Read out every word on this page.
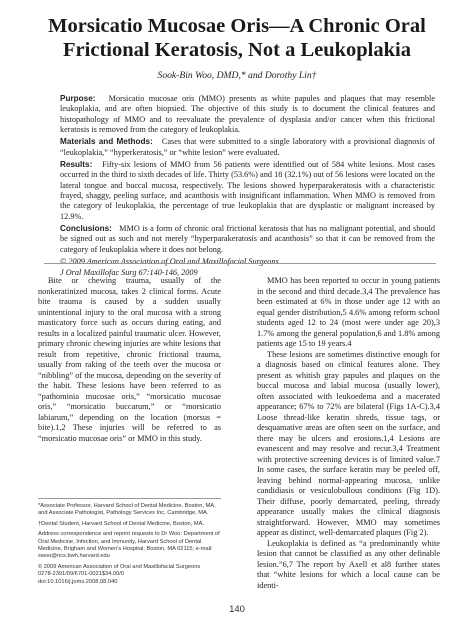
Morsicatio Mucosae Oris—A Chronic Oral
Frictional Keratosis, Not a Leukoplakia
Sook-Bin Woo, DMD,* and Dorothy Lin†

Purpose: Morsicatio mucosae oris (MMO) presents as white papules and plaques that may resemble leukoplakia, and are often biopsied. The objective of this study is to document the clinical features and histopathology of MMO and to reevaluate the prevalence of dysplasia and/or cancer when this frictional keratosis is removed from the category of leukoplakia.

Materials and Methods: Cases that were submitted to a single laboratory with a provisional diagnosis of “leukoplakia,” “hyperkeratosis,” or “white lesion” were evaluated.

Results: Fifty-six lesions of MMO from 56 patients were identified out of 584 white lesions. Most cases occurred in the third to sixth decades of life. Thirty (53.6%) and 18 (32.1%) out of 56 lesions were located on the lateral tongue and buccal mucosa, respectively. The lesions showed hyperparakeratosis with a characteristic frayed, shaggy, peeling surface, and acanthosis with insignificant inflammation. When MMO is removed from the category of leukoplakia, the percentage of true leukoplakia that are dysplastic or malignant increased by 12.9%.

Conclusions: MMO is a form of chronic oral frictional keratosis that has no malignant potential, and should be signed out as such and not merely “hyperparakeratosis and acanthosis” so that it can be removed from the category of leukoplakia where it does not belong.

© 2009 American Association of Oral and Maxillofacial Surgeons

J Oral Maxillofac Surg 67:140-146, 2009

Bite or chewing trauma, usually of the nonkeratinized mucosa, takes 2 clinical forms. Acute bite trauma is caused by a sudden usually unintentional injury to the oral mucosa with a strong masticatory force such as occurs during eating, and results in a localized painful traumatic ulcer. However, primary chronic chewing injuries are white lesions that result from repetitive, chronic frictional trauma, usually from raking of the teeth over the mucosa or “nibbling” of the mucosa, depending on the severity of the habit. These lesions have been referred to as “pathominia mucosae oris,” “morsicatio mucosae oris,” “morsicatio buccarum,” or “morsicatio labiarum,” depending on the location (morsus = bite).1,2 These injuries will be referred to as “morsicatio mucosae oris” or MMO in this study.

*Associate Professor, Harvard School of Dental Medicine, Boston, MA, and Associate Pathologist, Pathology Services Inc, Cambridge, MA.

†Dental Student, Harvard School of Dental Medicine, Boston, MA.

Address correspondence and reprint requests to Dr Woo: Department of Oral Medicine, Infection, and Immunity, Harvard School of Dental Medicine, Brigham and Women's Hospital, Boston, MA 02115; e-mail: swoo@rics.bwh.harvard.edu

© 2009 American Association of Oral and Maxillofacial Surgeons

0278-2391/09/6701-0021$34.00/0

doi:10.1016/j.joms.2008.08.040

MMO has been reported to occur in young patients in the second and third decade.3,4 The prevalence has been estimated at 6% in those under age 12 with an equal gender distribution,5 4.6% among reform school students aged 12 to 24 (most were under age 20),3 1.7% among the general population,6 and 1.8% among patients age 15 to 19 years.4

These lesions are sometimes distinctive enough for a diagnosis based on clinical features alone. They present as whitish gray papules and plaques on the buccal mucosa and labial mucosa (usually lower), often associated with leukoedema and a macerated appearance; 67% to 72% are bilateral (Figs 1A-C).3,4 Loose thread-like keratin shreds, tissue tags, or desquamative areas are often seen on the surface, and there may be ulcers and erosions.1,4 Lesions are evanescent and may resolve and recur.3,4 Treatment with protective screening devices is of limited value.7 In some cases, the surface keratin may be peeled off, leaving behind normal-appearing mucosa, unlike candidiasis or vesiculobullous conditions (Fig 1D). Their diffuse, poorly demarcated, peeling, thready appearance usually makes the clinical diagnosis straightforward. However, MMO may sometimes appear as distinct, well-demarcated plaques (Fig 2).

Leukoplakia is defined as “a predominantly white lesion that cannot be classified as any other definable lesion.”6,7 The report by Axell et al8 further states that “white lesions for which a local cause can be identi-

140
